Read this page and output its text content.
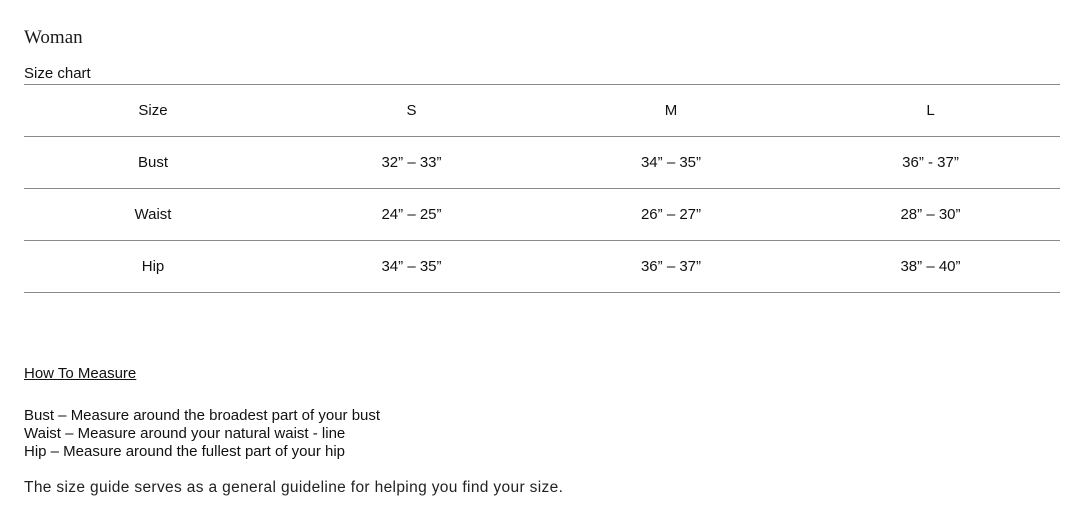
Woman
Size chart
Size	S	M	L
Bust	32” – 33”	34” – 35”	36” - 37”
Waist	24” – 25”	26” – 27”	28” – 30”
Hip	34” – 35”	36” – 37”	38” – 40”
How To Measure
Bust – Measure around the broadest part of your bust
Waist – Measure around your natural waist - line
Hip – Measure around the fullest part of your hip
The size guide serves as a general guideline for helping you find your size.
